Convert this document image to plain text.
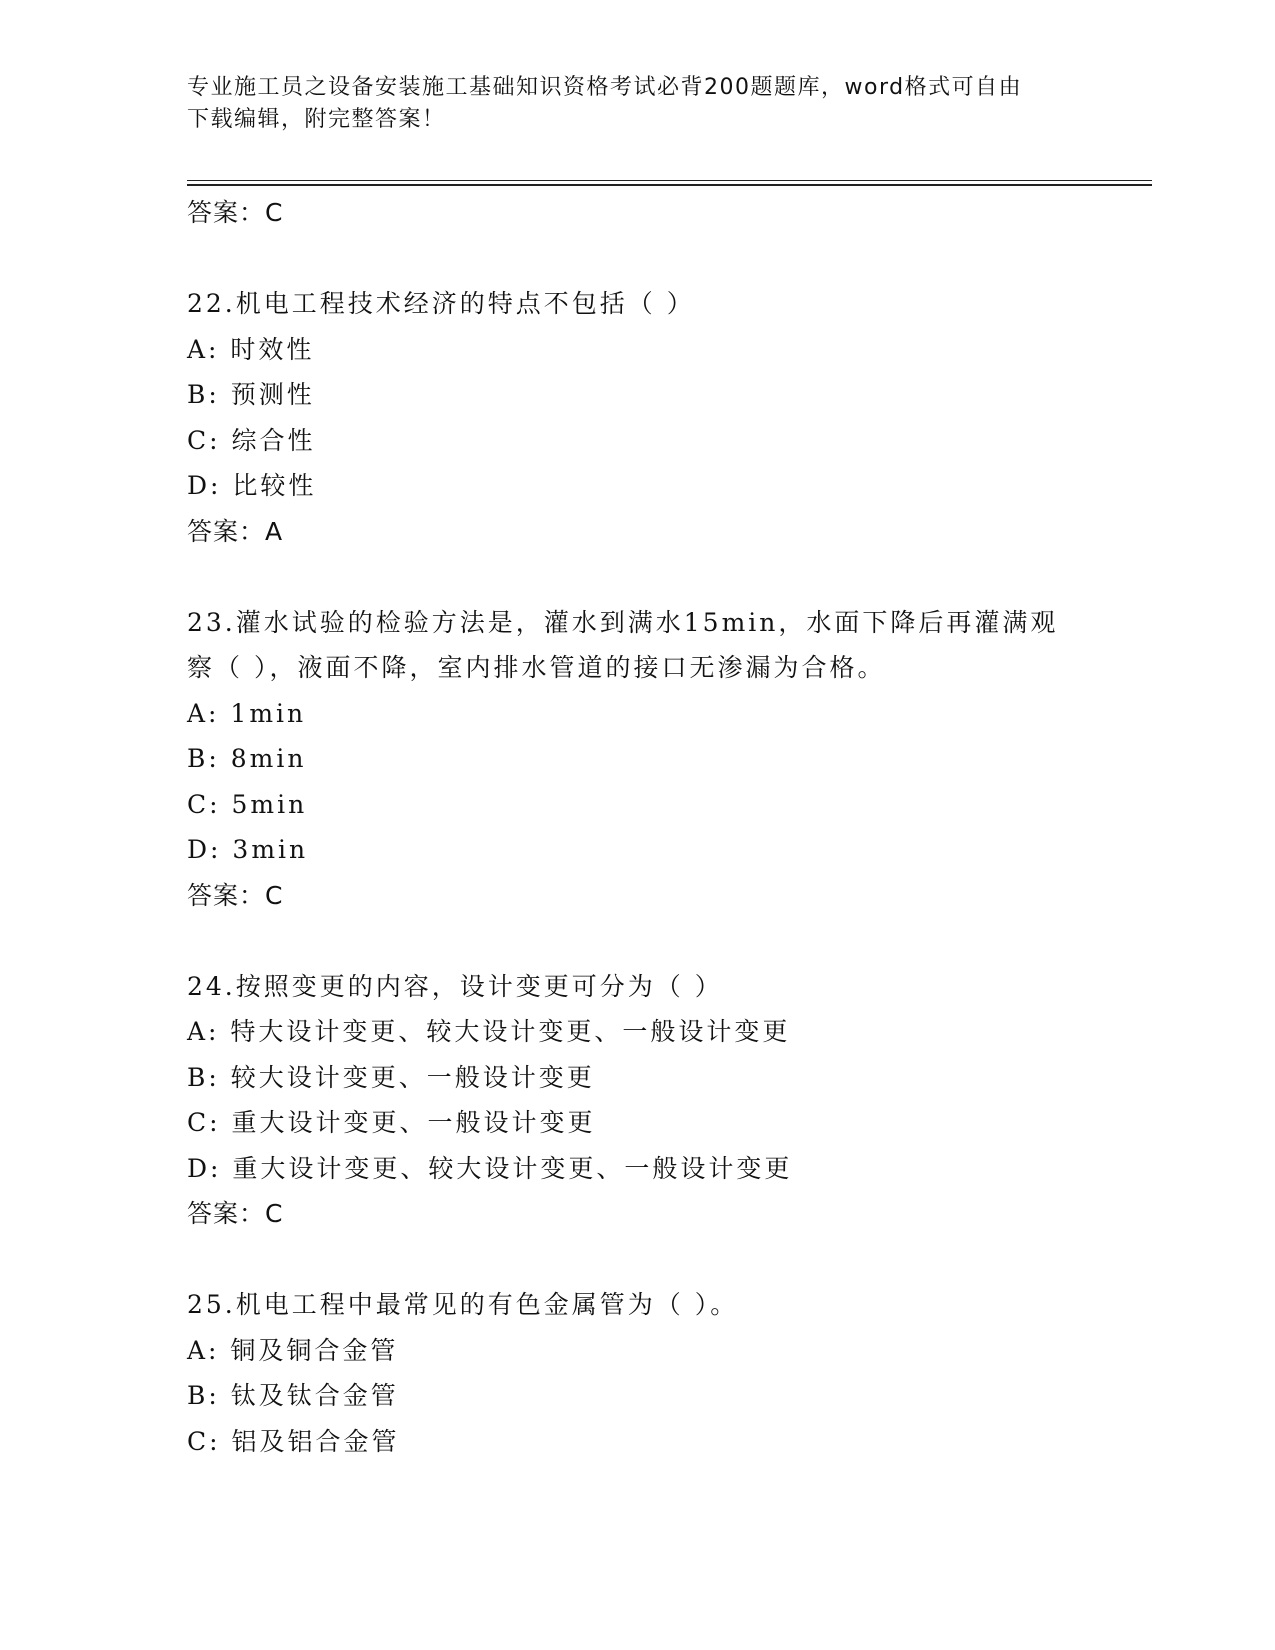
专业施工员之设备安装施工基础知识资格考试必背200题题库，word格式可自由
下载编辑，附完整答案！
答案：C
22.机电工程技术经济的特点不包括（ ）
A: 时效性
B: 预测性
C: 综合性
D: 比较性
答案：A
23.灌水试验的检验方法是，灌水到满水15min，水面下降后再灌满观
察（ ），液面不降，室内排水管道的接口无渗漏为合格。
A: 1min
B: 8min
C: 5min
D: 3min
答案：C
24.按照变更的内容，设计变更可分为（ ）
A: 特大设计变更、较大设计变更、一般设计变更
B: 较大设计变更、一般设计变更
C: 重大设计变更、一般设计变更
D: 重大设计变更、较大设计变更、一般设计变更
答案：C
25.机电工程中最常见的有色金属管为（ ）。
A: 铜及铜合金管
B: 钛及钛合金管
C: 铝及铝合金管
